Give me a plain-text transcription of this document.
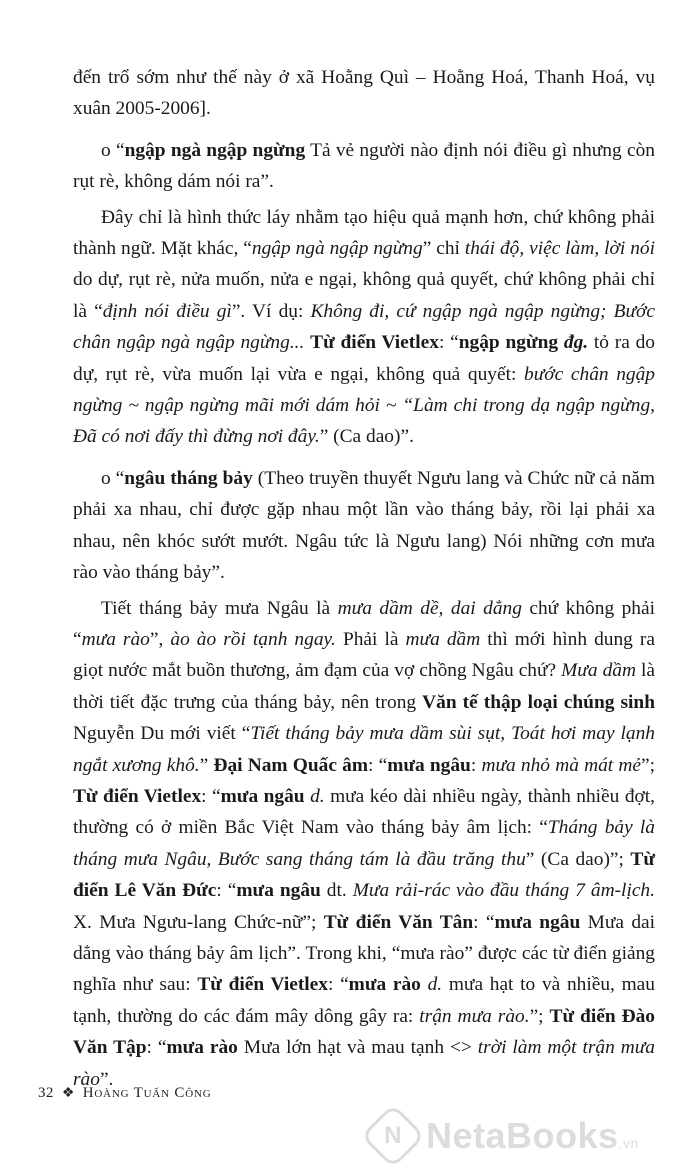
đến trổ sớm như thế này ở xã Hoằng Quì – Hoằng Hoá, Thanh Hoá, vụ xuân 2005-2006].

o “ngập ngà ngập ngừng Tả vẻ người nào định nói điều gì nhưng còn rụt rè, không dám nói ra”.

Đây chỉ là hình thức láy nhằm tạo hiệu quả mạnh hơn, chứ không phải thành ngữ. Mặt khác, “ngập ngà ngập ngừng” chỉ thái độ, việc làm, lời nói do dự, rụt rè, nửa muốn, nửa e ngại, không quả quyết, chứ không phải chỉ là “định nói điều gì”. Ví dụ: Không đi, cứ ngập ngà ngập ngừng; Bước chân ngập ngà ngập ngừng... Từ điển Vietlex: “ngập ngừng đg. tỏ ra do dự, rụt rè, vừa muốn lại vừa e ngại, không quả quyết: bước chân ngập ngừng ~ ngập ngừng mãi mới dám hỏi ~ “Làm chi trong dạ ngập ngừng, Đã có nơi đấy thì đừng nơi đây.” (Ca dao)”.

o “ngâu tháng bảy (Theo truyền thuyết Ngưu lang và Chức nữ cả năm phải xa nhau, chỉ được gặp nhau một lần vào tháng bảy, rồi lại phải xa nhau, nên khóc sướt mướt. Ngâu tức là Ngưu lang) Nói những cơn mưa rào vào tháng bảy”.

Tiết tháng bảy mưa Ngâu là mưa dầm dề, dai dẳng chứ không phải “mưa rào”, ào ào rồi tạnh ngay. Phải là mưa dầm thì mới hình dung ra giọt nước mắt buồn thương, ảm đạm của vợ chồng Ngâu chứ? Mưa dầm là thời tiết đặc trưng của tháng bảy, nên trong Văn tế thập loại chúng sinh Nguyễn Du mới viết “Tiết tháng bảy mưa dầm sùi sụt, Toát hơi may lạnh ngắt xương khô.” Đại Nam Quấc âm: “mưa ngâu: mưa nhỏ mà mát mẻ”; Từ điển Vietlex: “mưa ngâu d. mưa kéo dài nhiều ngày, thành nhiều đợt, thường có ở miền Bắc Việt Nam vào tháng bảy âm lịch: “Tháng bảy là tháng mưa Ngâu, Bước sang tháng tám là đầu trăng thu” (Ca dao)”; Từ điển Lê Văn Đức: “mưa ngâu dt. Mưa rải-rác vào đầu tháng 7 âm-lịch. X. Mưa Ngưu-lang Chức-nữ”; Từ điển Văn Tân: “mưa ngâu Mưa dai dẳng vào tháng bảy âm lịch”. Trong khi, “mưa rào” được các từ điển giảng nghĩa như sau: Từ điển Vietlex: “mưa rào d. mưa hạt to và nhiều, mau tạnh, thường do các đám mây dông gây ra: trận mưa rào.”; Từ điển Đào Văn Tập: “mưa rào Mưa lớn hạt và mau tạnh <> trời làm một trận mưa rào”.

32 ❖ Hoàng Tuấn Công
N NetaBooks.vn
